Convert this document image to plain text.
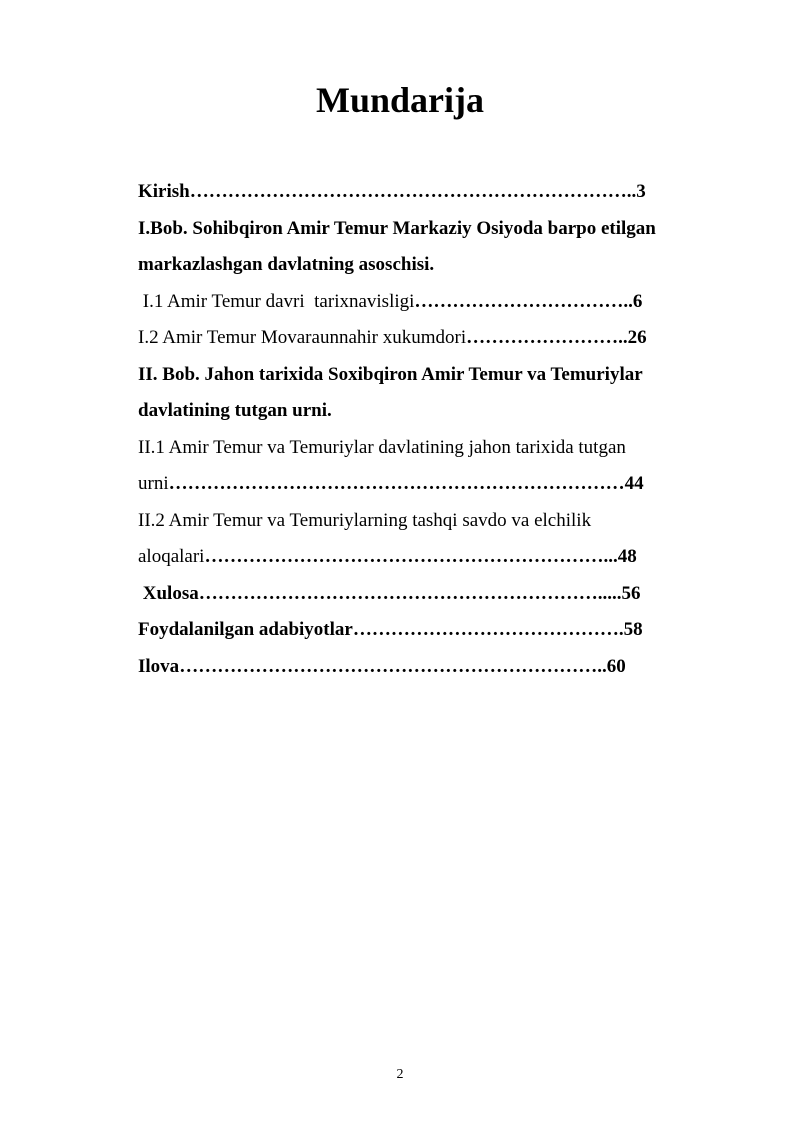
Mundarija
Kirish……………………………………………………………..3
I.Bob. Sohibqiron Amir Temur Markaziy Osiyoda barpo etilgan
markazlashgan davlatning asoschisi.
I.1 Amir Temur davri  tarixnavisligi……………………………..6
I.2 Amir Temur Movaraunnahir xukumdori……………………..26
II. Bob. Jahon tarixida Soxibqiron Amir Temur va Temuriylar
davlatining tutgan urni.
II.1 Amir Temur va Temuriylar davlatining jahon tarixida tutgan
urni………………………………………………………………44
II.2 Amir Temur va Temuriylarning tashqi savdo va elchilik
aloqalari………………………………………………………...48
Xulosa……………………………………………………….....56
Foydalanilgan adabiyotlar…………………………………….58
Ilova…………………………………………………………..60
2
